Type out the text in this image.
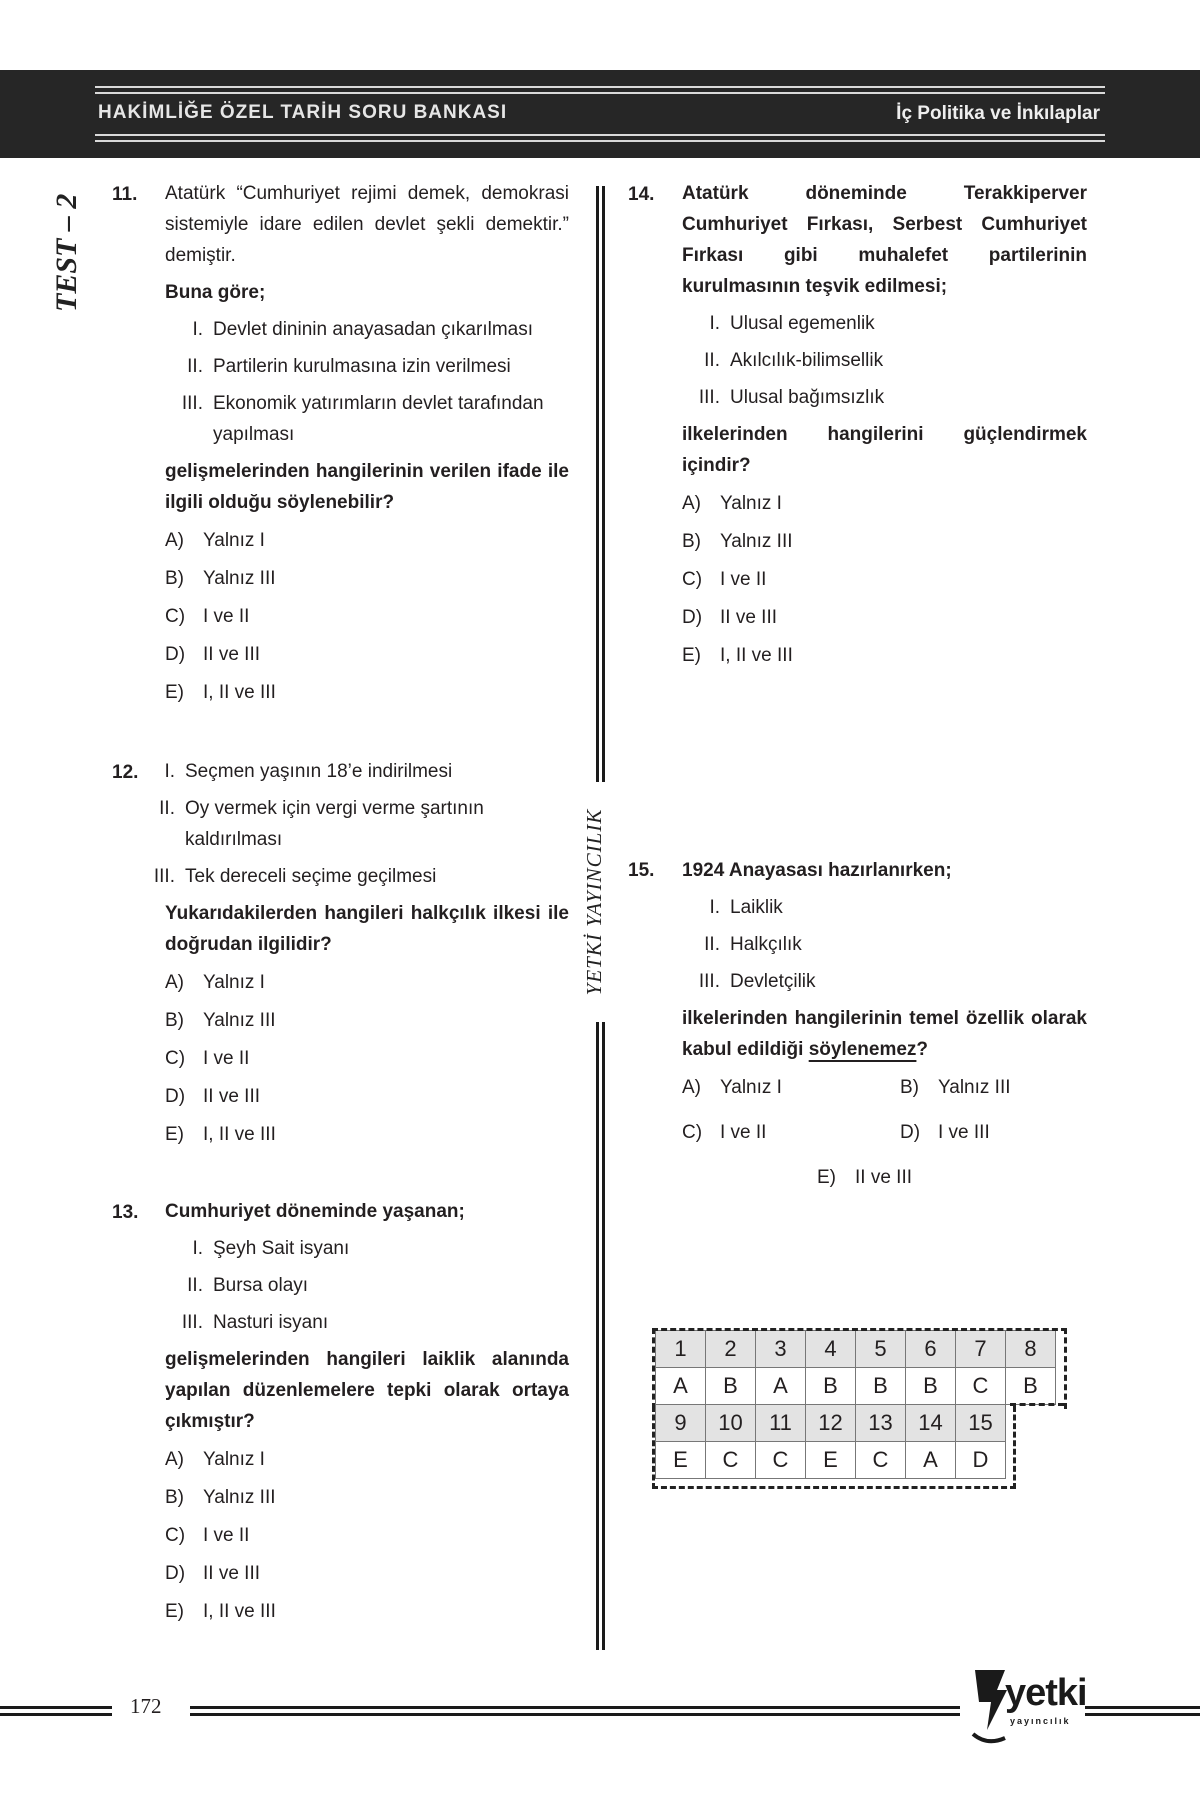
HAKİMLİĞE ÖZEL TARİH SORU BANKASI	İç Politika ve İnkılaplar
TEST – 2
YETKİ YAYINCILIK
11. Atatürk “Cumhuriyet rejimi demek, demokrasi sistemiyle idare edilen devlet şekli demektir.” demiştir.

Buna göre;

I. Devlet dininin anayasadan çıkarılması
II. Partilerin kurulmasına izin verilmesi
III. Ekonomik yatırımların devlet tarafından yapılması

gelişmelerinden hangilerinin verilen ifade ile ilgili olduğu söylenebilir?

A)	Yalnız I
B)	Yalnız III
C) I ve II
D) II ve III
E)	I, II ve III
12.	I. Seçmen yaşının 18’e indirilmesi
II. Oy vermek için vergi verme şartının kaldırılması
III. Tek dereceli seçime geçilmesi

Yukarıdakilerden hangileri halkçılık ilkesi ile doğrudan ilgilidir?

A)	Yalnız I
B)	Yalnız III
C) I ve II
D) II ve III
E)	I, II ve III
13. Cumhuriyet döneminde yaşanan;

I. Şeyh Sait isyanı
II. Bursa olayı
III. Nasturi isyanı

gelişmelerinden hangileri laiklik alanında yapılan düzenlemelere tepki olarak ortaya çıkmıştır?

A)	Yalnız I
B)	Yalnız III
C) I ve II
D) II ve III
E)	I, II ve III
14. Atatürk döneminde Terakkiperver Cumhuriyet Fırkası, Serbest Cumhuriyet Fırkası gibi muhalefet partilerinin kurulmasının teşvik edilmesi;

I. Ulusal egemenlik
II. Akılcılık-bilimsellik
III. Ulusal bağımsızlık

ilkelerinden hangilerini güçlendirmek içindir?

A)	Yalnız I
B)	Yalnız III
C) I ve II
D) II ve III
E)	I, II ve III
15. 1924 Anayasası hazırlanırken;

I. Laiklik
II. Halkçılık
III. Devletçilik

ilkelerinden hangilerinin temel özellik olarak kabul edildiği söylenemez?

A)	Yalnız I	B)	Yalnız III
C) I ve II	D) I ve III
E)	II ve III
1	2	3	4	5	6	7	8
A	B	A	B	B	B	C	B
9	10	11	12	13	14	15	
E	C	C	E	C	A	D	
172	yetki
yayıncılık
